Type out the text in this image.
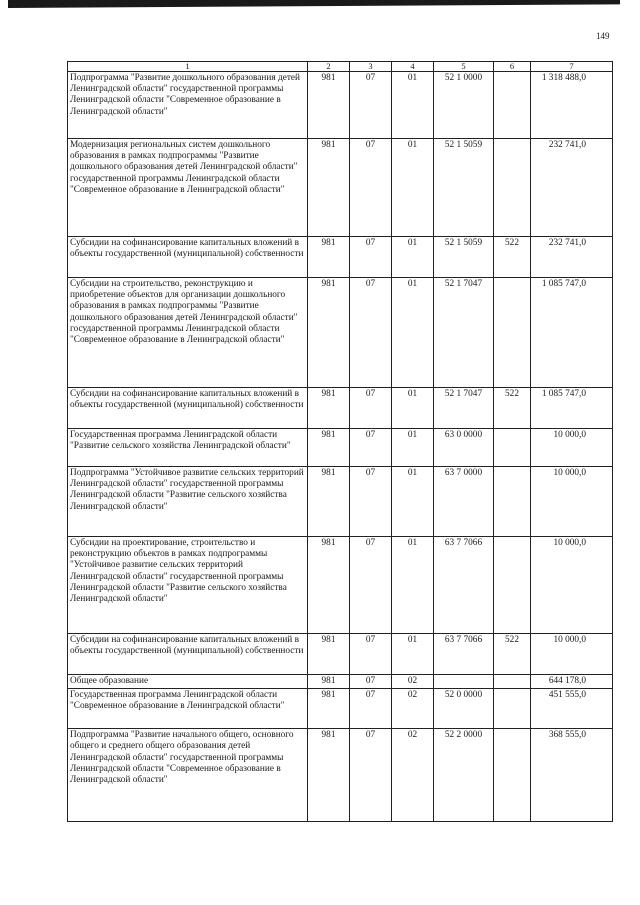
149
1	2	3	4	5	6	7
Подпрограмма "Развитие дошкольного образования детей Ленинградской области" государственной программы Ленинградской области "Современное образование в Ленинградской области"	981	07	01	52 1 0000		1 318 488,0
Модернизация региональных систем дошкольного образования в рамках подпрограммы "Развитие дошкольного образования детей Ленинградской области" государственной программы Ленинградской области "Современное образование в Ленинградской области"	981	07	01	52 1 5059		232 741,0
Субсидии на софинансирование капитальных вложений в объекты государственной (муниципальной) собственности	981	07	01	52 1 5059	522	232 741,0
Субсидии на строительство, реконструкцию и приобретение объектов для организации дошкольного образования в рамках подпрограммы "Развитие дошкольного образования детей Ленинградской области" государственной программы Ленинградской области "Современное образование в Ленинградской области"	981	07	01	52 1 7047		1 085 747,0
Субсидии на софинансирование капитальных вложений в объекты государственной (муниципальной) собственности	981	07	01	52 1 7047	522	1 085 747,0
Государственная программа Ленинградской области "Развитие сельского хозяйства Ленинградской области"	981	07	01	63 0 0000		10 000,0
Подпрограмма "Устойчивое развитие сельских территорий Ленинградской области" государственной программы Ленинградской области "Развитие сельского хозяйства Ленинградской области"	981	07	01	63 7 0000		10 000,0
Субсидии на проектирование, строительство и реконструкцию объектов в рамках подпрограммы "Устойчивое развитие сельских территорий Ленинградской области" государственной программы Ленинградской области "Развитие сельского хозяйства Ленинградской области"	981	07	01	63 7 7066		10 000,0
Субсидии на софинансирование капитальных вложений в объекты государственной (муниципальной) собственности	981	07	01	63 7 7066	522	10 000,0
Общее образование	981	07	02			644 178,0
Государственная программа Ленинградской области "Современное образование в Ленинградской области"	981	07	02	52 0 0000		451 555,0
Подпрограмма "Развитие начального общего, основного общего и среднего общего образования детей Ленинградской области" государственной программы Ленинградской области "Современное образование в Ленинградской области"	981	07	02	52 2 0000		368 555,0
